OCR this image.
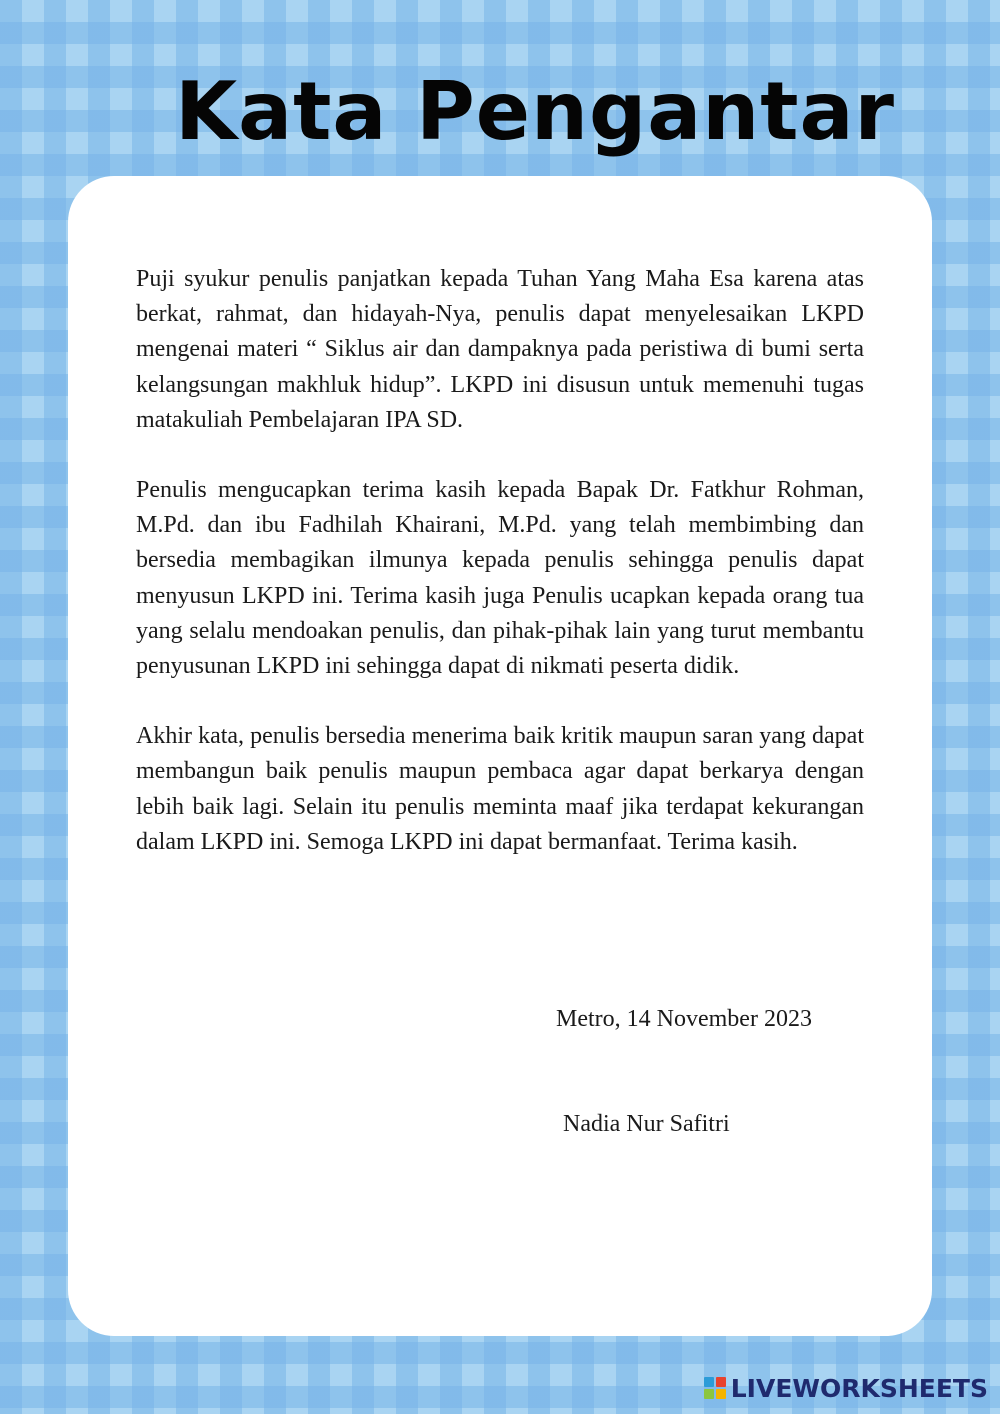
Kata Pengantar

Puji syukur penulis panjatkan kepada Tuhan Yang Maha Esa karena atas berkat, rahmat, dan hidayah-Nya, penulis dapat menyelesaikan LKPD mengenai materi “ Siklus air dan dampaknya pada peristiwa di bumi serta kelangsungan makhluk hidup”. LKPD ini disusun untuk memenuhi tugas matakuliah Pembelajaran IPA SD.

Penulis mengucapkan terima kasih kepada Bapak Dr. Fatkhur Rohman, M.Pd. dan ibu Fadhilah Khairani, M.Pd. yang telah membimbing dan bersedia membagikan ilmunya kepada penulis sehingga penulis dapat menyusun LKPD ini. Terima kasih juga Penulis ucapkan kepada orang tua yang selalu mendoakan penulis, dan pihak-pihak lain yang turut membantu penyusunan LKPD ini sehingga dapat di nikmati peserta didik.

Akhir kata, penulis bersedia menerima baik kritik maupun saran yang dapat membangun baik penulis maupun pembaca agar dapat berkarya dengan lebih baik lagi. Selain itu penulis meminta maaf jika terdapat kekurangan dalam LKPD ini. Semoga LKPD ini dapat bermanfaat. Terima kasih.

Metro, 14 November 2023
Nadia Nur Safitri
LIVEWORKSHEETS
